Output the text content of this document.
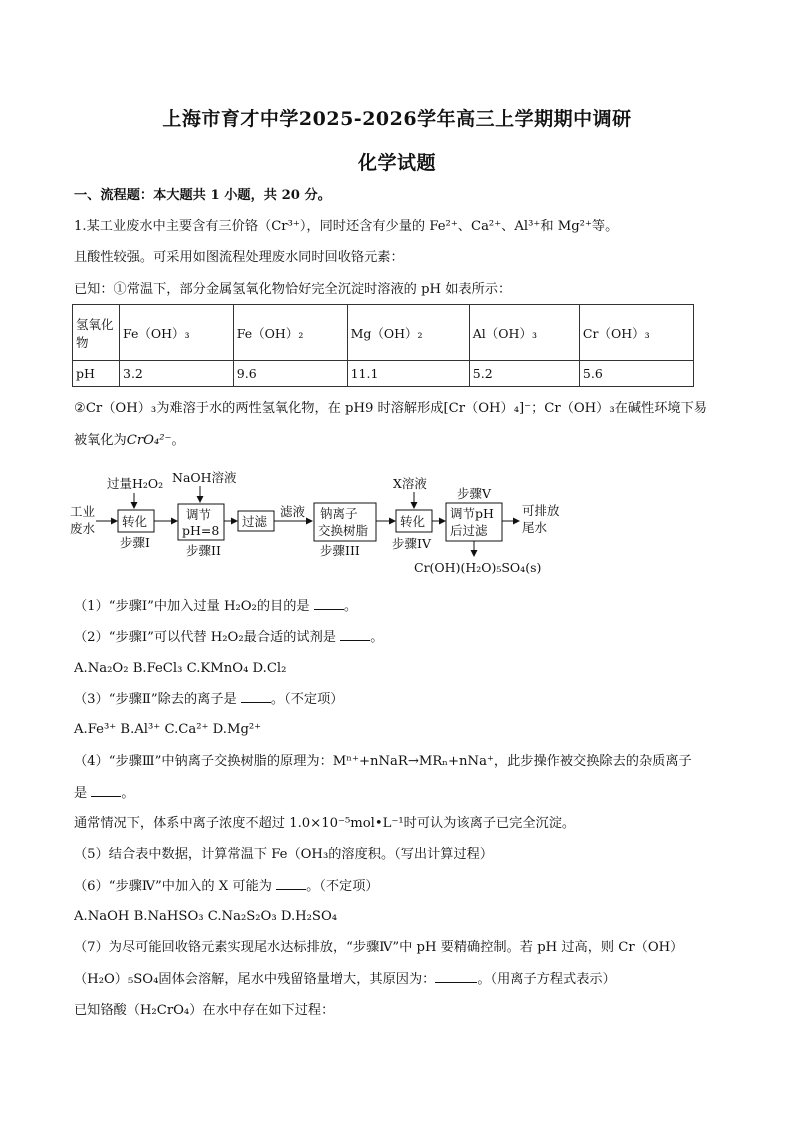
上海市育才中学2025-2026学年高三上学期期中调研
化学试题
一、流程题：本大题共 1 小题，共 20 分。
1.某工业废水中主要含有三价铬（Cr³⁺），同时还含有少量的 Fe²⁺、Ca²⁺、Al³⁺和 Mg²⁺等。
且酸性较强。可采用如图流程处理废水同时回收铬元素：
已知：①常温下，部分金属氢氧化物恰好完全沉淀时溶液的 pH 如表所示：
氢氧化物	Fe（OH）₃	Fe（OH）₂	Mg（OH）₂	Al（OH）₃	Cr（OH）₃
pH	3.2	9.6	11.1	5.2	5.6
②Cr（OH）₃为难溶于水的两性氢氧化物，在 pH9 时溶解形成[Cr（OH）₄]⁻；Cr（OH）₃在碱性环境下易
被氧化为CrO₄²⁻。
工业
废水
过量H₂O₂
转化
步骤I
NaOH溶液
调节
pH=8
步骤II
过滤
滤液 钠离子
交换树脂
步骤III
X溶液
转化
步骤IV
步骤V
调节pH
后过滤
可排放
尾水
Cr(OH)(H₂O)₅SO₄(s)
（1）“步骤Ⅰ”中加入过量 H₂O₂的目的是	。
（2）“步骤Ⅰ”可以代替 H₂O₂最合适的试剂是	。
A.Na₂O₂ B.FeCl₃ C.KMnO₄ D.Cl₂
（3）“步骤Ⅱ”除去的离子是	。（不定项）
A.Fe³⁺ B.Al³⁺ C.Ca²⁺ D.Mg²⁺
（4）“步骤Ⅲ”中钠离子交换树脂的原理为：Mⁿ⁺+nNaR→MRₙ+nNa⁺，此步操作被交换除去的杂质离子
是	。
通常情况下，体系中离子浓度不超过 1.0×10⁻⁵mol•L⁻¹时可认为该离子已完全沉淀。
（5）结合表中数据，计算常温下 Fe（OH₃的溶度积。（写出计算过程）
（6）“步骤Ⅳ”中加入的 X 可能为	。（不定项）
A.NaOH B.NaHSO₃ C.Na₂S₂O₃ D.H₂SO₄
（7）为尽可能回收铬元素实现尾水达标排放，“步骤Ⅳ”中 pH 要精确控制。若 pH 过高，则 Cr（OH）
（H₂O）₅SO₄固体会溶解，尾水中残留铬量增大，其原因为：	。（用离子方程式表示）
已知铬酸（H₂CrO₄）在水中存在如下过程：
